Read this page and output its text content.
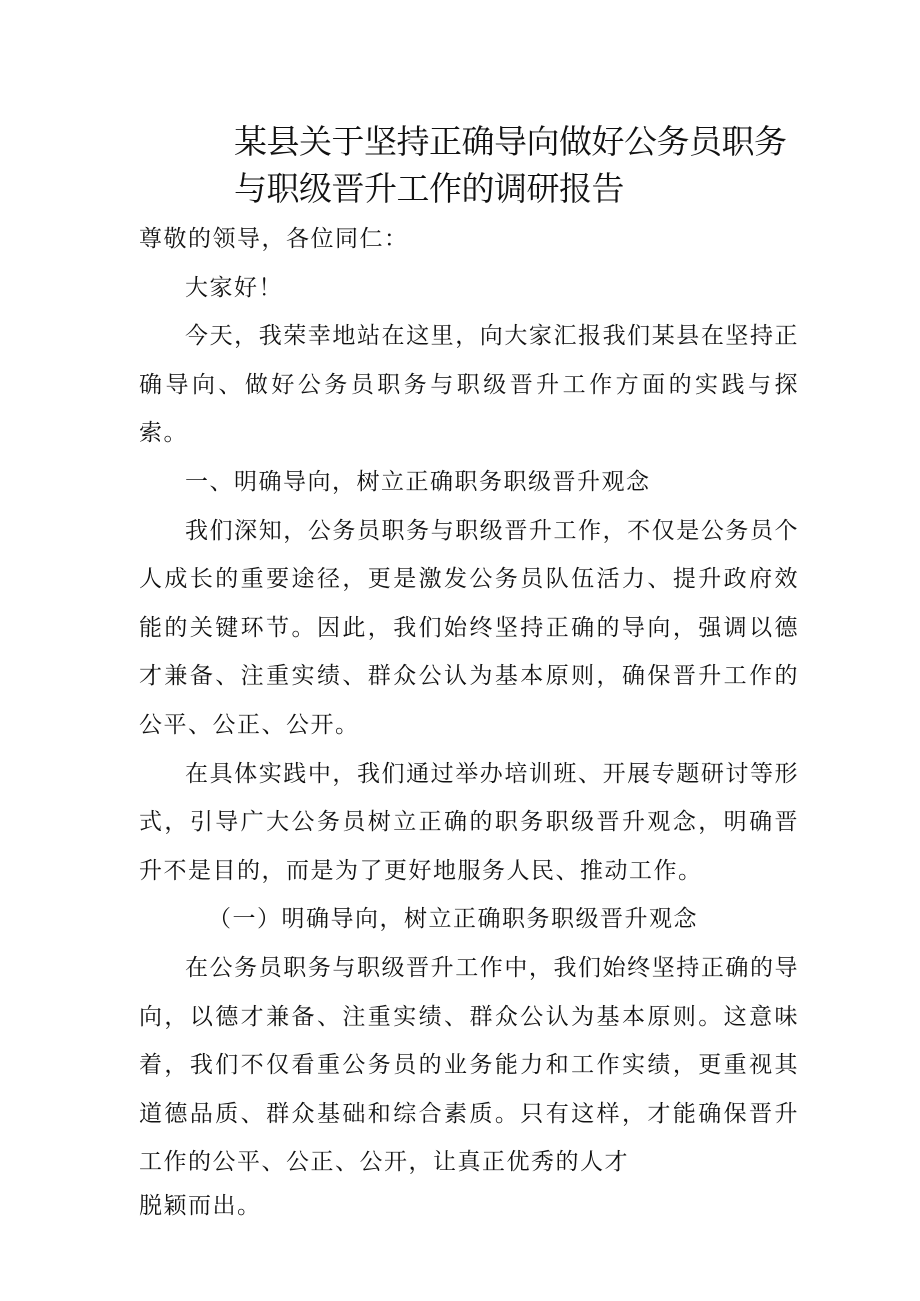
某县关于坚持正确导向做好公务员职务与职级晋升工作的调研报告

尊敬的领导，各位同仁：

大家好！

今天，我荣幸地站在这里，向大家汇报我们某县在坚持正确导向、做好公务员职务与职级晋升工作方面的实践与探索。

一、明确导向，树立正确职务职级晋升观念

我们深知，公务员职务与职级晋升工作，不仅是公务员个人成长的重要途径，更是激发公务员队伍活力、提升政府效能的关键环节。因此，我们始终坚持正确的导向，强调以德才兼备、注重实绩、群众公认为基本原则，确保晋升工作的公平、公正、公开。

在具体实践中，我们通过举办培训班、开展专题研讨等形式，引导广大公务员树立正确的职务职级晋升观念，明确晋升不是目的，而是为了更好地服务人民、推动工作。

（一）明确导向，树立正确职务职级晋升观念

在公务员职务与职级晋升工作中，我们始终坚持正确的导向，以德才兼备、注重实绩、群众公认为基本原则。这意味着，我们不仅看重公务员的业务能力和工作实绩，更重视其道德品质、群众基础和综合素质。只有这样，才能确保晋升工作的公平、公正、公开，让真正优秀的人才

脱颖而出。
